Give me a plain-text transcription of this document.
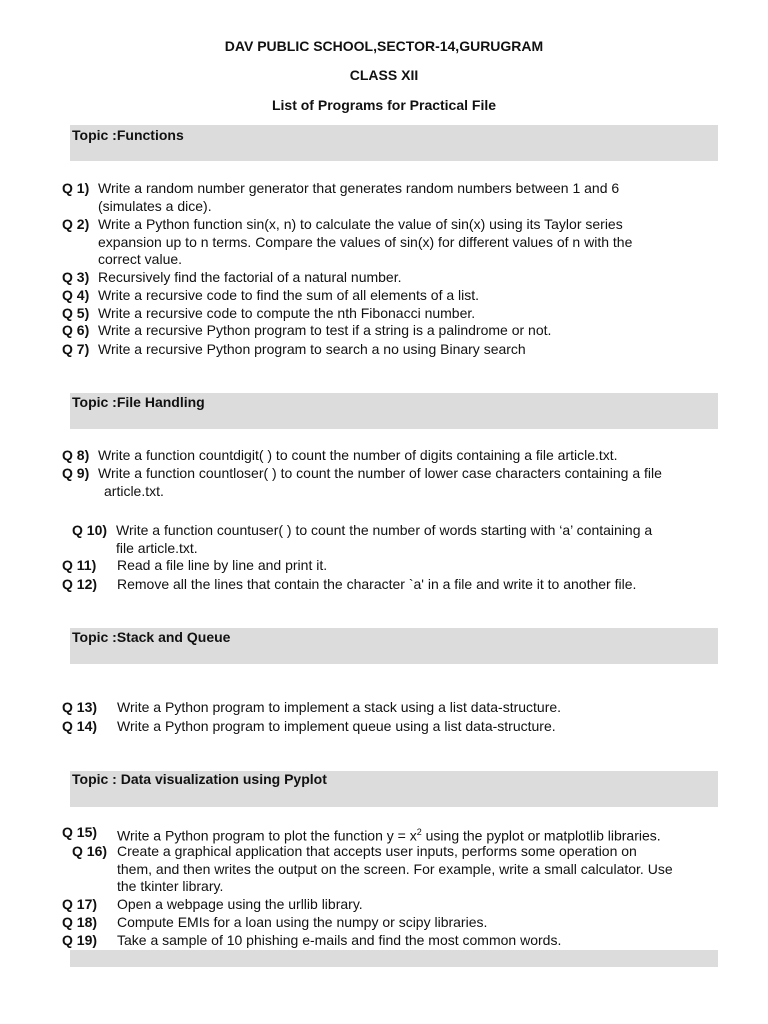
DAV PUBLIC SCHOOL,SECTOR-14,GURUGRAM
CLASS XII
List of Programs for Practical File
Topic :Functions
Topic :File Handling
Topic :Stack and Queue
Topic : Data visualization using Pyplot
Q 1) Write a random number generator that generates random numbers between 1 and 6
(simulates a dice).
Q 2) Write a Python function sin(x, n) to calculate the value of sin(x) using its Taylor series
expansion up to n terms. Compare the values of sin(x) for different values of n with the
correct value.
Q 3) Recursively find the factorial of a natural number.
Q 4) Write a recursive code to find the sum of all elements of a list.
Q 5) Write a recursive code to compute the nth Fibonacci number.
Q 6) Write a recursive Python program to test if a string is a palindrome or not.
Q 7) Write a recursive Python program to search a no using Binary search
Q 8) Write a function countdigit( ) to count the number of digits containing a file article.txt.
Q 9) Write a function countloser( ) to count the number of lower case characters containing a file
article.txt.
Q 10) Write a function countuser( ) to count the number of words starting with ‘a’ containing a
file article.txt.
Q 11) Read a file line by line and print it.
Q 12) Remove all the lines that contain the character `a' in a file and write it to another file.
Q 13) Write a Python program to implement a stack using a list data-structure.
Q 14) Write a Python program to implement queue using a list data-structure.
Q 15) Write a Python program to plot the function $y = x^2$ using the pyplot or matplotlib libraries.
Q 16) Create a graphical application that accepts user inputs, performs some operation on
them, and then writes the output on the screen. For example, write a small calculator. Use
the tkinter library.
Q 17) Open a webpage using the urllib library.
Q 18) Compute EMIs for a loan using the numpy or scipy libraries.
Q 19) Take a sample of 10 phishing e-mails and find the most common words.
